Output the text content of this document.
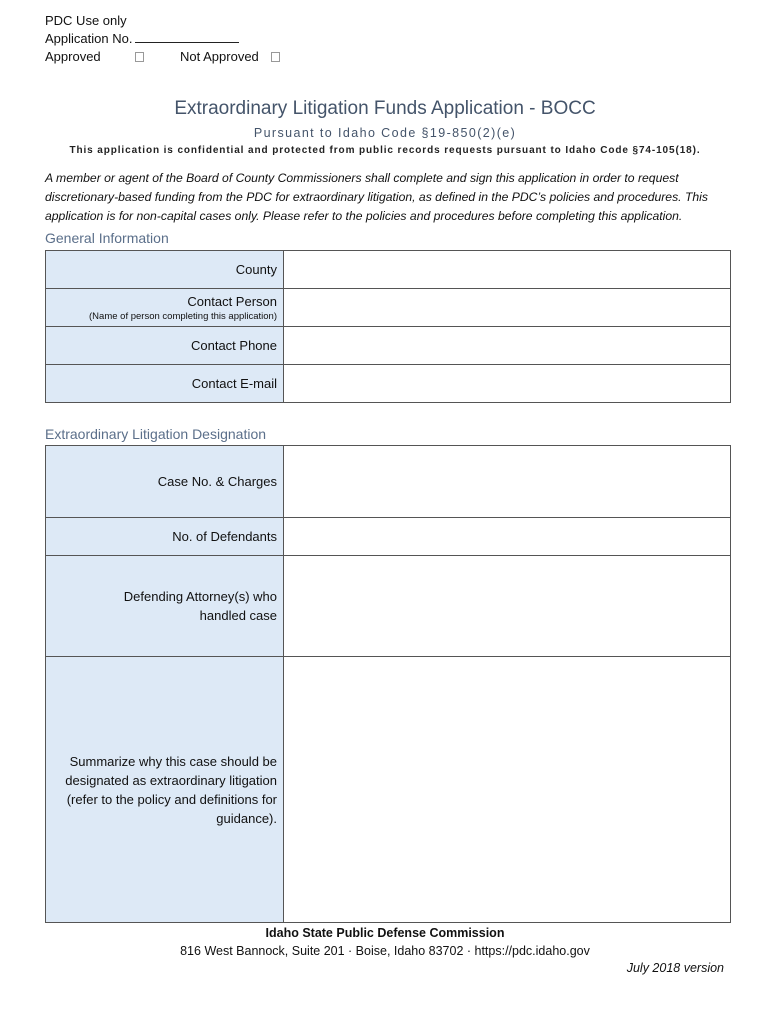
PDC Use only
Application No.
Approved	Not Approved
Extraordinary Litigation Funds Application - BOCC
Pursuant to Idaho Code §19-850(2)(e)
This application is confidential and protected from public records requests pursuant to Idaho Code §74-105(18).
A member or agent of the Board of County Commissioners shall complete and sign this application in order to request discretionary-based funding from the PDC for extraordinary litigation, as defined in the PDC’s policies and procedures. This application is for non-capital cases only. Please refer to the policies and procedures before completing this application.
General Information
County	
Contact Person
(Name of person completing this application)	

Contact Phone	
Contact E-mail	
Extraordinary Litigation Designation
Case No. & Charges	
No. of Defendants	
Defending Attorney(s) who handled case	
Summarize why this case should be designated as extraordinary litigation (refer to the policy and definitions for guidance).	
Idaho State Public Defense Commission
816 West Bannock, Suite 201 · Boise, Idaho 83702 · https://pdc.idaho.gov
July 2018 version
